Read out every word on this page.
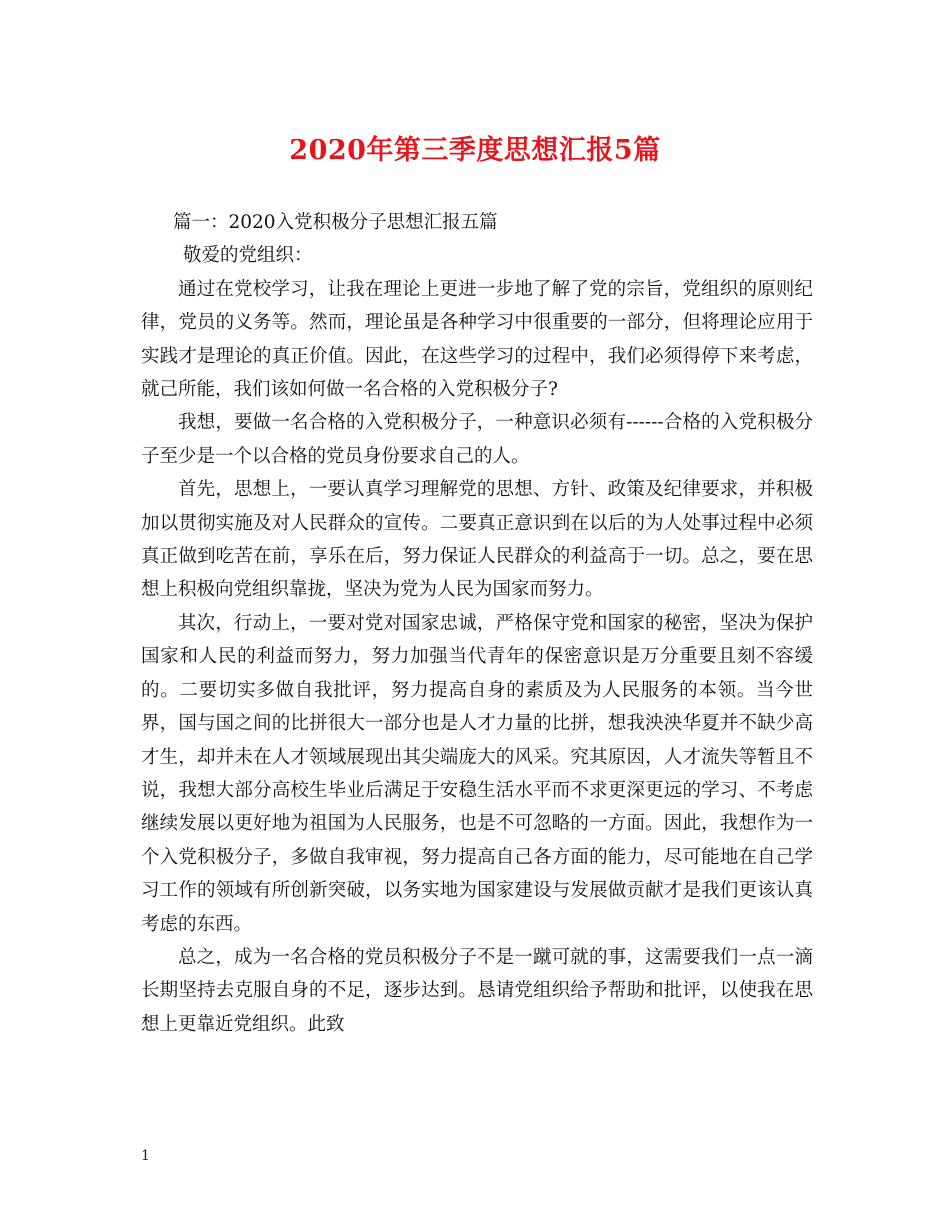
2020年第三季度思想汇报5篇

篇一：2020入党积极分子思想汇报五篇

敬爱的党组织：

通过在党校学习，让我在理论上更进一步地了解了党的宗旨，党组织的原则纪律，党员的义务等。然而，理论虽是各种学习中很重要的一部分，但将理论应用于实践才是理论的真正价值。因此，在这些学习的过程中，我们必须得停下来考虑，就己所能，我们该如何做一名合格的入党积极分子?

我想，要做一名合格的入党积极分子，一种意识必须有------合格的入党积极分子至少是一个以合格的党员身份要求自己的人。

首先，思想上，一要认真学习理解党的思想、方针、政策及纪律要求，并积极加以贯彻实施及对人民群众的宣传。二要真正意识到在以后的为人处事过程中必须真正做到吃苦在前，享乐在后，努力保证人民群众的利益高于一切。总之，要在思想上积极向党组织靠拢，坚决为党为人民为国家而努力。

其次，行动上，一要对党对国家忠诚，严格保守党和国家的秘密，坚决为保护国家和人民的利益而努力，努力加强当代青年的保密意识是万分重要且刻不容缓的。二要切实多做自我批评，努力提高自身的素质及为人民服务的本领。当今世界，国与国之间的比拼很大一部分也是人才力量的比拼，想我泱泱华夏并不缺少高才生，却并未在人才领域展现出其尖端庞大的风采。究其原因，人才流失等暂且不说，我想大部分高校生毕业后满足于安稳生活水平而不求更深更远的学习、不考虑继续发展以更好地为祖国为人民服务，也是不可忽略的一方面。因此，我想作为一个入党积极分子，多做自我审视，努力提高自己各方面的能力，尽可能地在自己学习工作的领域有所创新突破，以务实地为国家建设与发展做贡献才是我们更该认真考虑的东西。

总之，成为一名合格的党员积极分子不是一蹴可就的事，这需要我们一点一滴长期坚持去克服自身的不足，逐步达到。恳请党组织给予帮助和批评，以使我在思想上更靠近党组织。此致

1
